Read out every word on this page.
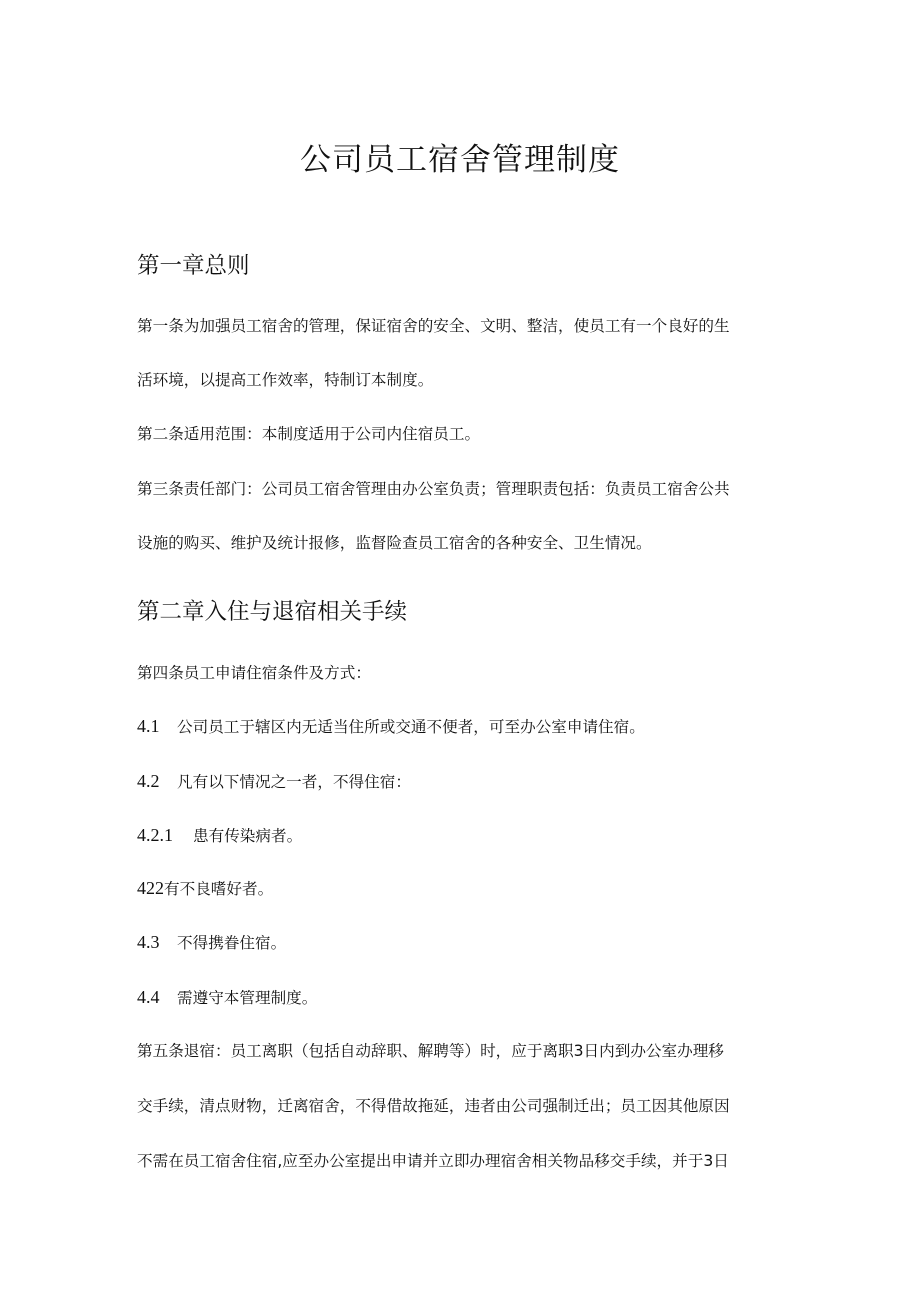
公司员工宿舍管理制度
第一章总则
第一条为加强员工宿舍的管理，保证宿舍的安全、文明、整洁，使员工有一个良好的生
活环境，以提高工作效率，特制订本制度。
第二条适用范围：本制度适用于公司内住宿员工。
第三条责任部门：公司员工宿舍管理由办公室负责；管理职责包括：负责员工宿舍公共
设施的购买、维护及统计报修，监督险查员工宿舍的各种安全、卫生情况。
第二章入住与退宿相关手续
第四条员工申请住宿条件及方式：
4.1 公司员工于辖区内无适当住所或交通不便者，可至办公室申请住宿。
4.2 凡有以下情况之一者，不得住宿：
4.2.1 患有传染病者。
422有不良嗜好者。
4.3 不得携眷住宿。
4.4 需遵守本管理制度。
第五条退宿：员工离职（包括自动辞职、解聘等）时，应于离职3日内到办公室办理移
交手续，清点财物，迁离宿舍，不得借故拖延，违者由公司强制迁出；员工因其他原因
不需在员工宿舍住宿,应至办公室提出申请并立即办理宿舍相关物品移交手续，并于3日
